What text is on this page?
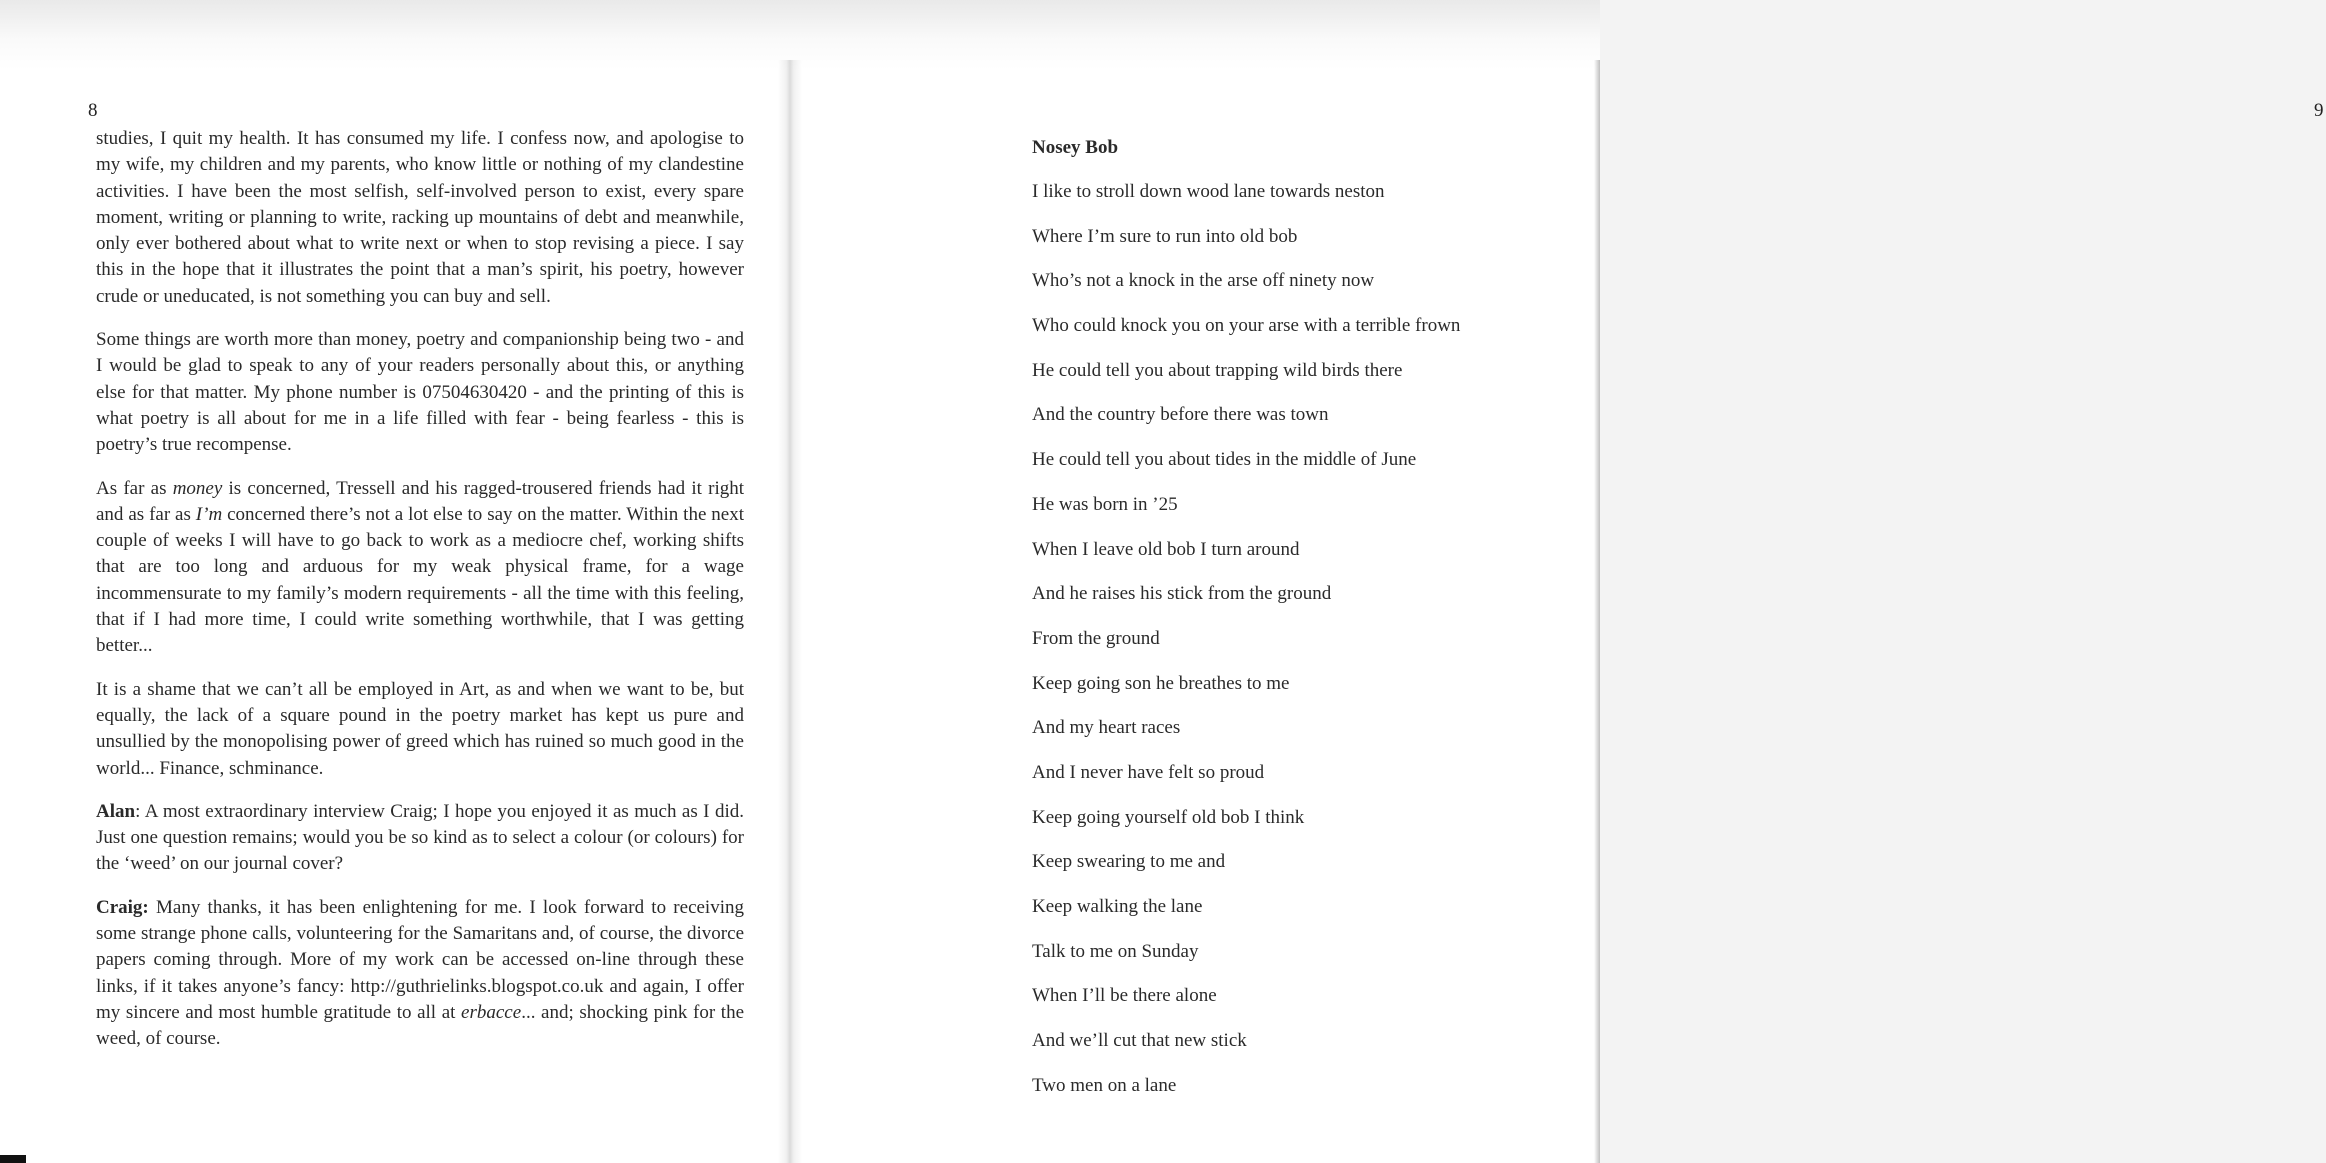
8

studies, I quit my health. It has consumed my life. I confess now, and apologise to my wife, my children and my parents, who know little or nothing of my clandestine activities. I have been the most selfish, self-involved person to exist, every spare moment, writing or planning to write, racking up mountains of debt and meanwhile, only ever bothered about what to write next or when to stop revising a piece. I say this in the hope that it illustrates the point that a man’s spirit, his poetry, however crude or uneducated, is not something you can buy and sell.

Some things are worth more than money, poetry and companionship being two - and I would be glad to speak to any of your readers personally about this, or anything else for that matter. My phone number is 07504630420 - and the printing of this is what poetry is all about for me in a life filled with fear - being fearless - this is poetry’s true recompense.

As far as money is concerned, Tressell and his ragged-trousered friends had it right and as far as I’m concerned there’s not a lot else to say on the matter. Within the next couple of weeks I will have to go back to work as a mediocre chef, working shifts that are too long and arduous for my weak physical frame, for a wage incommensurate to my family’s modern requirements - all the time with this feeling, that if I had more time, I could write something worthwhile, that I was getting better...

It is a shame that we can’t all be employed in Art, as and when we want to be, but equally, the lack of a square pound in the poetry market has kept us pure and unsullied by the monopolising power of greed which has ruined so much good in the world... Finance, schminance.

Alan: A most extraordinary interview Craig; I hope you enjoyed it as much as I did. Just one question remains; would you be so kind as to select a colour (or colours) for the ‘weed’ on our journal cover?

Craig: Many thanks, it has been enlightening for me. I look forward to receiving some strange phone calls, volunteering for the Samaritans and, of course, the divorce papers coming through. More of my work can be accessed on-line through these links, if it takes anyone’s fancy: http://guthrielinks.blogspot.co.uk and again, I offer my sincere and most humble gratitude to all at erbacce... and; shocking pink for the weed, of course.

9
Nosey Bob
I like to stroll down wood lane towards neston
Where I’m sure to run into old bob
Who’s not a knock in the arse off ninety now
Who could knock you on your arse with a terrible frown
He could tell you about trapping wild birds there
And the country before there was town
He could tell you about tides in the middle of June
He was born in ’25
When I leave old bob I turn around
And he raises his stick from the ground
From the ground
Keep going son he breathes to me
And my heart races
And I never have felt so proud
Keep going yourself old bob I think
Keep swearing to me and
Keep walking the lane
Talk to me on Sunday
When I’ll be there alone
And we’ll cut that new stick
Two men on a lane
